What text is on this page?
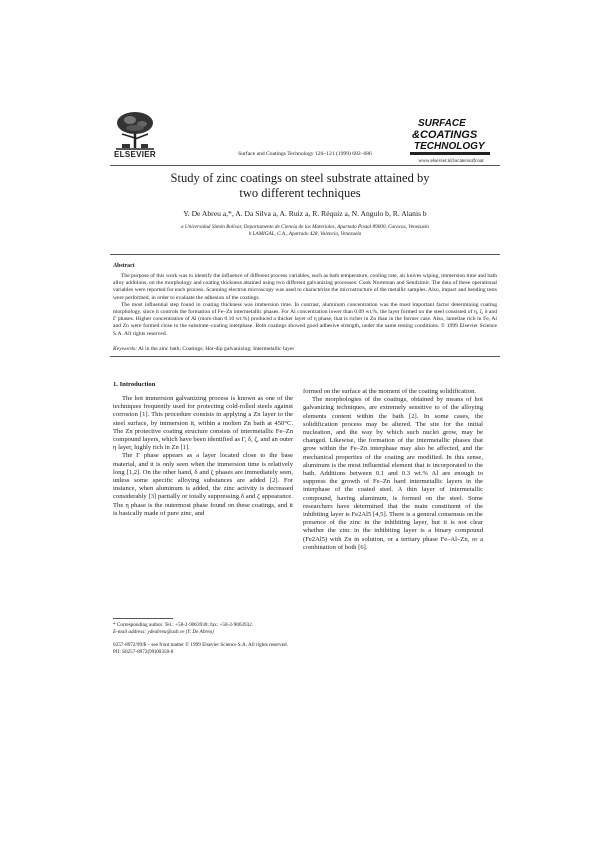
ELSEVIER
SURFACE
&COATINGS
TECHNOLOGY
www.elsevier.nl/locate/surfcoat
Surface and Coatings Technology 120–121 (1999) 682–686
Study of zinc coatings on steel substrate attained by
two different techniques
Y. De Abreu a,*, A. Da Silva a, A. Ruiz a, R. Réquiz a, N. Angulo b, R. Alanis b
a Universidad Simón Bolívar, Departamento de Ciencia de los Materiales, Apartado Postal 89000, Caracas, Venezuela
b LAMIGAL, C.A., Apartado 428, Valencia, Venezuela
Abstract

The purpose of this work was to identify the influence of different process variables, such as bath temperature, cooling rate, air knives wiping, immersion time and bath alloy additions, on the morphology and coating thickness attained using two different galvanizing processes: Cook Norteman and Sendzimir. The data of these operational variables were reported for each process. Scanning electron microscopy was used to characterize the microstructure of the metallic samples. Also, impact and bending tests were performed, in order to evaluate the adhesion of the coatings.

The most influential step found in coating thickness was immersion time. In contrast, aluminum concentration was the most important factor determining coating morphology, since it controls the formation of Fe–Zn intermetallic phases. For Al concentration lower than 0.09 wt.%, the layer formed on the steel consisted of η, ζ, δ and Γ phases. Higher concentration of Al (more than 0.16 wt.%) produced a thicker layer of η phase, that is richer in Zn than in the former case. Also, lamellae rich in Fe, Al and Zn were formed close to the substrate–coating interphase. Both coatings showed good adhesive strength, under the same testing conditions. © 1999 Elsevier Science S.A. All rights reserved.

Keywords: Al in the zinc bath; Coatings; Hot-dip galvanizing; Intermetallic layer
1. Introduction

The hot immersion galvanizing process is known as one of the techniques frequently used for protecting cold-rolled steels against corrosion [1]. This procedure consists in applying a Zn layer to the steel surface, by immersion it, within a molten Zn bath at 450°C. The Zn protective coating structure consists of intermetallic Fe–Zn compound layers, which have been identified as Γ, δ, ζ, and an outer η layer, highly rich in Zn [1].

The Γ phase appears as a layer located close to the base material, and it is only seen when the immersion time is relatively long [1,2]. On the other hand, δ and ζ phases are immediately seen, unless some specific alloying substances are added [2]. For instance, when aluminum is added, the zinc activity is decreased considerably [3] partially or totally suppressing δ and ζ appearance. The η phase is the outermost phase found on these coatings, and it is basically made of pure zinc, and

formed on the surface at the moment of the coating solidification.

The morphologies of the coatings, obtained by means of hot galvanizing techniques, are extremely sensitive to of the alloying elements content within the bath [2]. In some cases, the solidification process may be altered. The site for the initial nucleation, and the way by which such nuclei grow, may be changed. Likewise, the formation of the intermetallic phases that grow within the Fe–Zn interphase may also be affected, and the mechanical properties of the coating are modified. In this sense, aluminum is the most influential element that is incorporated to the bath. Additions between 0.1 and 0.3 wt.% Al are enough to suppress the growth of Fe–Zn hard intermetallic layers in the interphase of the coated steel. A thin layer of intermetallic compound, having aluminum, is formed on the steel. Some researchers have determined that the main constituent of the inhibiting layer is Fe2Al5 [4,5]. There is a general consensus on the presence of the zinc in the inhibiting layer, but it is not clear whether the zinc in the inhibiting layer is a binary compound (Fe2Al5) with Zn in solution, or a tertiary phase Fe–Al–Zn, or a combination of both [6].

* Corresponding author. Tel.: +58-2-9063930; fax: +58-2-9063932.
E-mail address: ydeabreu@usb.ve (Y. De Abreu)
0257-8972/99/$ – see front matter © 1999 Elsevier Science S.A. All rights reserved.
PII: S0257-8972(99)00358-8
